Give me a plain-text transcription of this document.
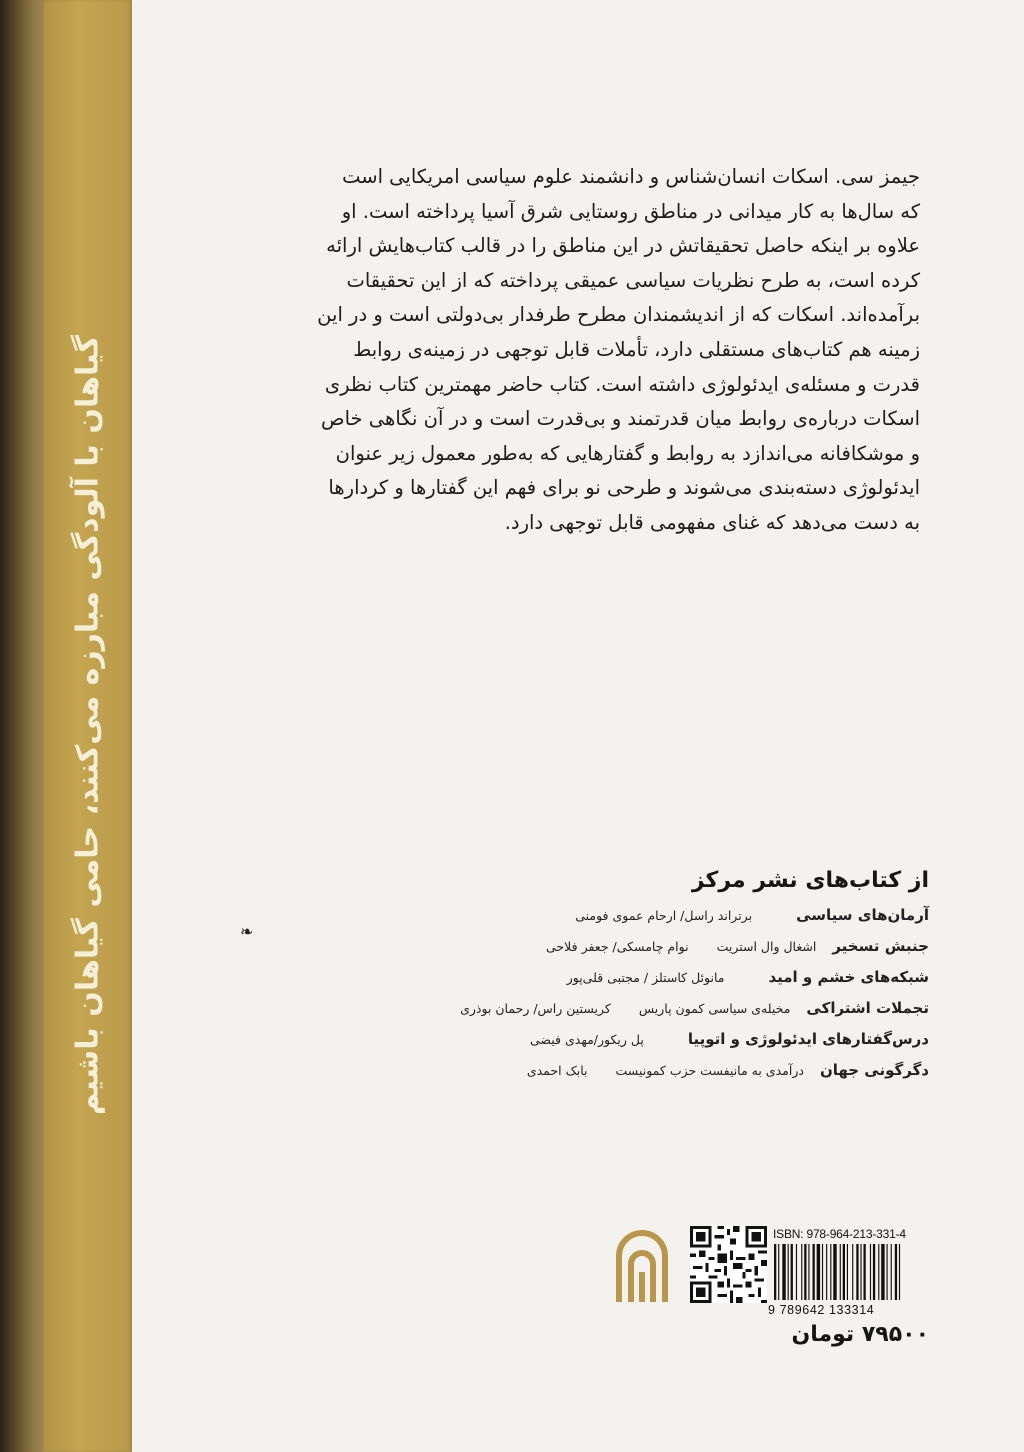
گیاهان با آلودگی مبارزه می‌کنند، حامی گیاهان باشیم	❧

جیمز سی. اسکات انسان‌شناس و دانشمند علوم سیاسی امریکایی است

که سال‌ها به کار میدانی در مناطق روستایی شرق آسیا پرداخته است. او

علاوه بر اینکه حاصل تحقیقاتش در این مناطق را در قالب کتاب‌هایش ارائه

کرده است، به طرح نظریات سیاسی عمیقی پرداخته که از این تحقیقات

برآمده‌اند. اسکات که از اندیشمندان مطرح طرفدار بی‌دولتی است و در این

زمینه هم کتاب‌های مستقلی دارد، تأملات قابل توجهی در زمینه‌ی روابط

قدرت و مسئله‌ی ایدئولوژی داشته است. کتاب حاضر مهمترین کتاب نظری

اسکات درباره‌ی روابط میان قدرتمند و بی‌قدرت است و در آن نگاهی خاص

و موشکافانه می‌اندازد به روابط و گفتارهایی که به‌طور معمول زیر عنوان

ایدئولوژی دسته‌بندی می‌شوند و طرحی نو برای فهم این گفتارها و کردارها

به دست می‌دهد که غنای مفهومی قابل توجهی دارد.

از کتاب‌های نشر مرکز
آرمان‌های سیاسی
برتراند راسل/ ارحام عموی فومنی
جنبش تسخیر
اشغال وال استریت
نوام چامسکی/ جعفر فلاحی
شبکه‌های خشم و امید
مانوئل کاستلز / مجتبی قلی‌پور
تجملات اشتراکی
مخیله‌ی سیاسی کمون پاریس
کریستین راس/ رحمان بوذری
درس‌گفتارهای ایدئولوژی و اتوپیا
پل ریکور/مهدی فیضی
دگرگونی جهان
درآمدی به مانیفست حزب کمونیست
بابک احمدی
ISBN: 978-964-213-331-4
9 789642 133314
۷۹۵۰۰ تومان
